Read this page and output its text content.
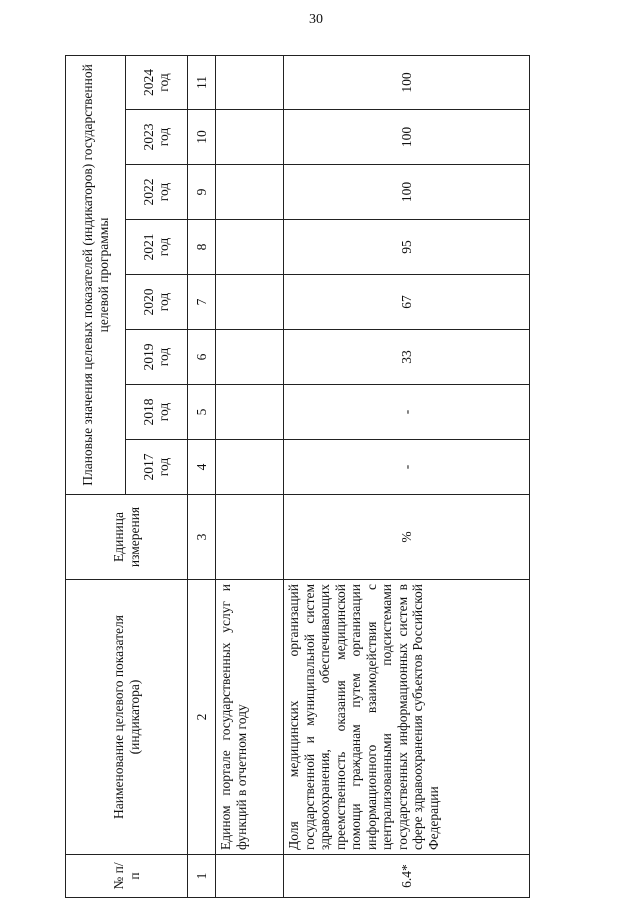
30
№ п/п	Наименование целевого показателя (индикатора)	Единица измерения	Плановые значения целевых показателей (индикаторов) государственной целевой программы							
			2017 год	2018 год	2019 год	2020 год	2021 год	2022 год	2023 год	2024 год
1	2	3	4	5	6	7	8	9	10	11
	Едином портале государственных услуг и функций в отчетном году									
6.4*	Доля медицинских организаций государственной и муниципальной систем здравоохранения, обеспечивающих преемственность оказания медицинской помощи гражданам путем организации информационного взаимодействия с централизованными подсистемами государственных информационных систем в сфере здравоохранения субъектов Российской Федерации	%	-	-	33	67	95	100	100	100
